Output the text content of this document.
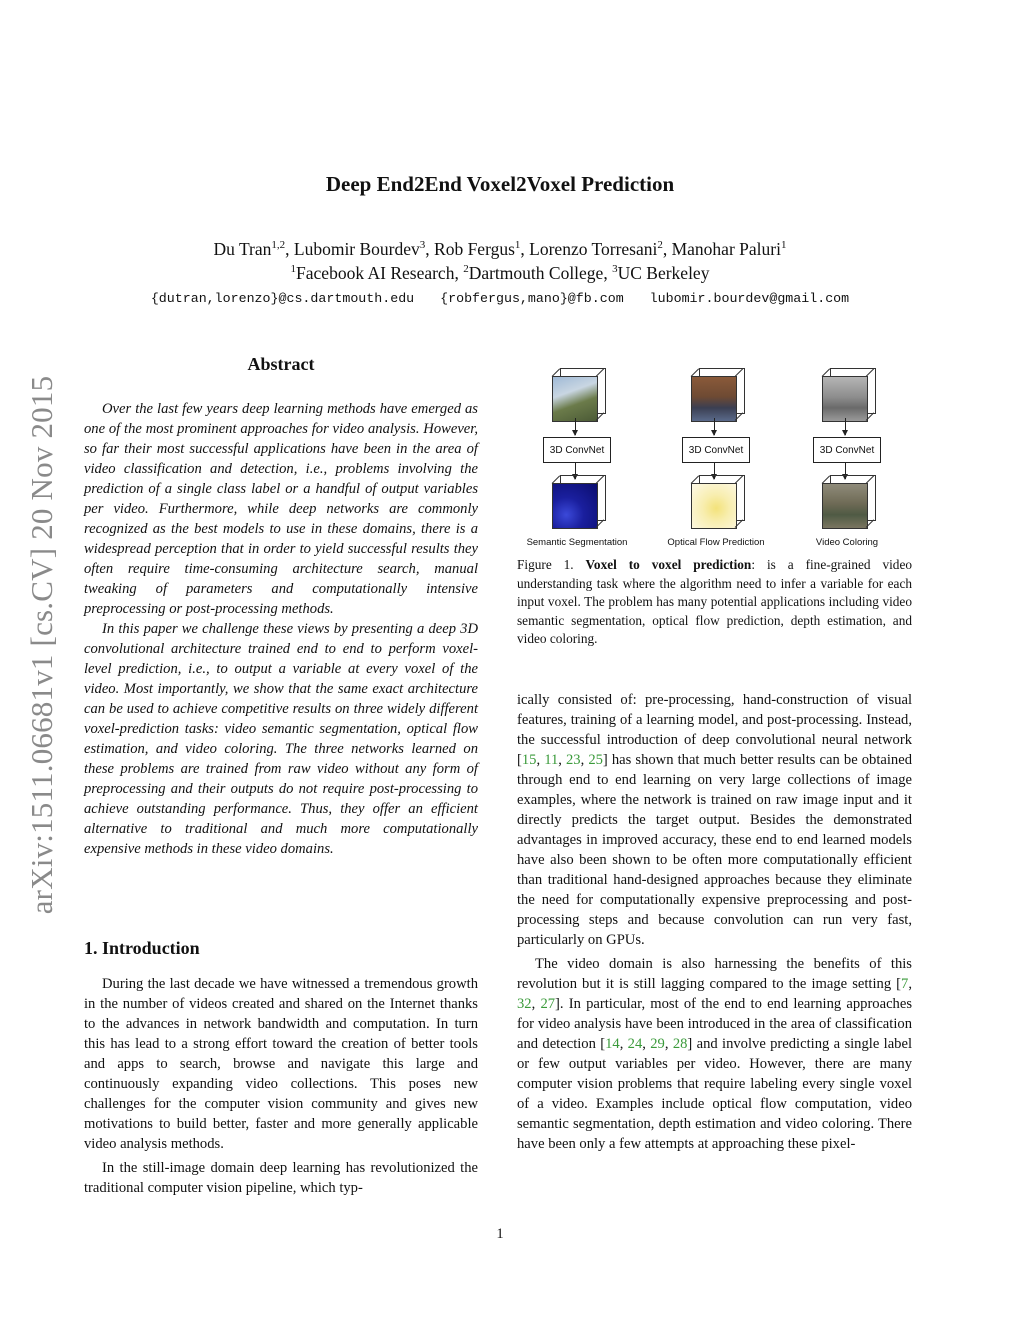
arXiv:1511.06681v1 [cs.CV] 20 Nov 2015
Deep End2End Voxel2Voxel Prediction
Du Tran$^{1,2}$, Lubomir Bourdev$^3$, Rob Fergus$^1$, Lorenzo Torresani$^2$, Manohar Paluri$^1$
$^1$Facebook AI Research, $^2$Dartmouth College, $^3$UC Berkeley
{dutran,lorenzo}@cs.dartmouth.edu {robfergus,mano}@fb.com lubomir.bourdev@gmail.com
Abstract

Over the last few years deep learning methods have emerged as one of the most prominent approaches for video analysis. However, so far their most successful applications have been in the area of video classification and detection, i.e., problems involving the prediction of a single class label or a handful of output variables per video. Furthermore, while deep networks are commonly recognized as the best models to use in these domains, there is a widespread perception that in order to yield successful results they often require time-consuming architecture search, manual tweaking of parameters and computationally intensive preprocessing or post-processing methods.

In this paper we challenge these views by presenting a deep 3D convolutional architecture trained end to end to perform voxel-level prediction, i.e., to output a variable at every voxel of the video. Most importantly, we show that the same exact architecture can be used to achieve competitive results on three widely different voxel-prediction tasks: video semantic segmentation, optical flow estimation, and video coloring. The three networks learned on these problems are trained from raw video without any form of preprocessing and their outputs do not require post-processing to achieve outstanding performance. Thus, they offer an efficient alternative to traditional and much more computationally expensive methods in these video domains.

1. Introduction

During the last decade we have witnessed a tremendous growth in the number of videos created and shared on the Internet thanks to the advances in network bandwidth and computation. In turn this has lead to a strong effort toward the creation of better tools and apps to search, browse and navigate this large and continuously expanding video collections. This poses new challenges for the computer vision community and gives new motivations to build better, faster and more generally applicable video analysis methods.

In the still-image domain deep learning has revolutionized the traditional computer vision pipeline, which typ-

3D ConvNet
Semantic Segmentation
3D ConvNet
Optical Flow Prediction
3D ConvNet
Video Coloring
Figure 1. Voxel to voxel prediction: is a fine-grained video understanding task where the algorithm need to infer a variable for each input voxel. The problem has many potential applications including video semantic segmentation, optical flow prediction, depth estimation, and video coloring.

ically consisted of: pre-processing, hand-construction of visual features, training of a learning model, and post-processing. Instead, the successful introduction of deep convolutional neural network [15, 11, 23, 25] has shown that much better results can be obtained through end to end learning on very large collections of image examples, where the network is trained on raw image input and it directly predicts the target output. Besides the demonstrated advantages in improved accuracy, these end to end learned models have also been shown to be often more computationally efficient than traditional hand-designed approaches because they eliminate the need for computationally expensive preprocessing and post-processing steps and because convolution can run very fast, particularly on GPUs.

The video domain is also harnessing the benefits of this revolution but it is still lagging compared to the image setting [7, 32, 27]. In particular, most of the end to end learning approaches for video analysis have been introduced in the area of classification and detection [14, 24, 29, 28] and involve predicting a single label or few output variables per video. However, there are many computer vision problems that require labeling every single voxel of a video. Examples include optical flow computation, video semantic segmentation, depth estimation and video coloring. There have been only a few attempts at approaching these pixel-

1
